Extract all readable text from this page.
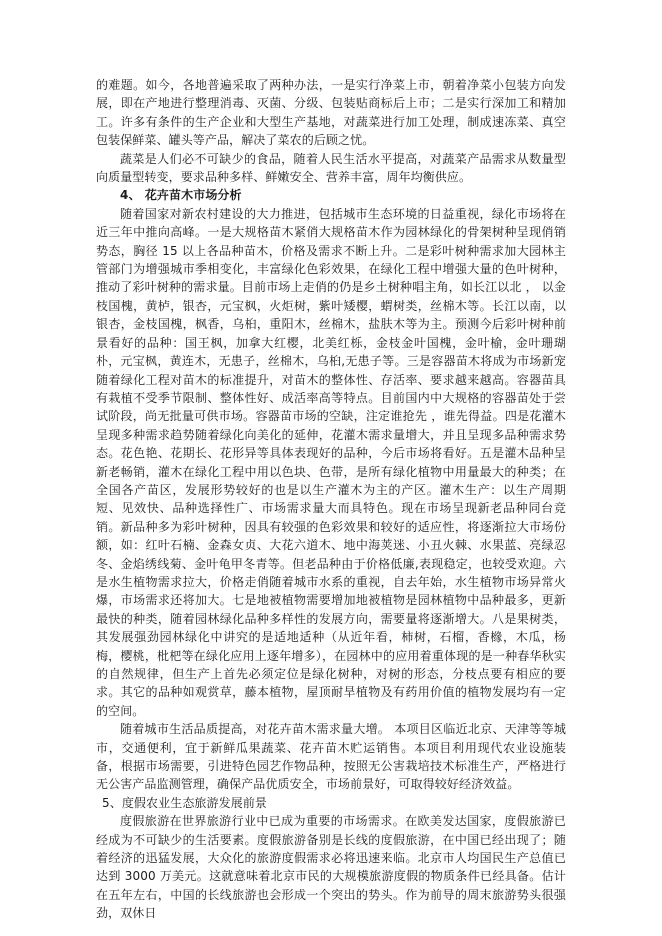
的难题。如今，各地普遍采取了两种办法，一是实行净菜上市，朝着净菜小包装方向发展，即在产地进行整理消毒、灭菌、分级、包装贴商标后上市；二是实行深加工和精加工。许多有条件的生产企业和大型生产基地，对蔬菜进行加工处理，制成速冻菜、真空包装保鲜菜、罐头等产品，解决了菜农的后顾之忧。

蔬菜是人们必不可缺少的食品，随着人民生活水平提高，对蔬菜产品需求从数量型向质量型转变，要求品种多样、鲜嫩安全、营养丰富，周年均衡供应。

4、 花卉苗木市场分析

随着国家对新农村建设的大力推进，包括城市生态环境的日益重视，绿化市场将在近三年中推向高峰。一是大规格苗木紧俏大规格苗木作为园林绿化的骨架树种呈现俏销势态，胸径 15 以上各品种苗木，价格及需求不断上升。二是彩叶树种需求加大园林主管部门为增强城市季相变化，丰富绿化色彩效果，在绿化工程中增强大量的色叶树种，推动了彩叶树种的需求量。目前市场上走俏的仍是乡土树种唱主角，如长江以北 ， 以金枝国槐，黄栌，银杏，元宝枫，火炬树，紫叶矮樱，蝟树类，丝棉木等。长江以南，以银杏，金枝国槐，枫香，乌桕，重阳木，丝棉木，盐肤木等为主。预测今后彩叶树种前景看好的品种：国王枫，加拿大红樱，北美红栎，金枝金叶国槐，金叶榆，金叶珊瑚朴，元宝枫，黄连木，无患子，丝棉木，乌桕,无患子等。三是容器苗木将成为市场新宠随着绿化工程对苗木的标准提升，对苗木的整体性、存活率、要求越来越高。容器苗具有栽植不受季节限制、整体性好、成活率高等特点。目前国内中大规格的容器苗处于尝试阶段，尚无批量可供市场。容器苗市场的空缺，注定谁抢先 ，谁先得益。四是花灌木呈现多种需求趋势随着绿化向美化的延伸，花灌木需求量增大，并且呈现多品种需求势态。花色艳、花期长、花形异等具体表现好的品种，今后市场将看好。五是灌木品种呈新老畅销，灌木在绿化工程中用以色块、色带，是所有绿化植物中用量最大的种类；在全国各产苗区，发展形势较好的也是以生产灌木为主的产区。灌木生产：以生产周期短、见效快、品种选择性广、市场需求量大而具特色。现在市场呈现新老品种同台竞销。新品种多为彩叶树种，因具有较强的色彩效果和较好的适应性，将逐渐拉大市场份额，如：红叶石楠、金森女贞、大花六道木、地中海荚迷、小丑火棘、水果蓝、亮绿忍冬、金焰绣线菊、金叶龟甲冬青等。但老品种由于价格低廉,表现稳定，也较受欢迎。六是水生植物需求拉大，价格走俏随着城市水系的重视，自去年始，水生植物市场异常火爆，市场需求还将加大。七是地被植物需要增加地被植物是园林植物中品种最多，更新最快的种类，随着园林绿化品种多样性的发展方向，需要量将逐渐增大。八是果树类，其发展强劲园林绿化中讲究的是适地适种（从近年看，柿树，石榴，香橼，木瓜，杨梅，樱桃，枇杷等在绿化应用上逐年增多），在园林中的应用着重体现的是一种春华秋实的自然规律，但生产上首先必须定位是绿化树种，对树的形态，分枝点要有相应的要求。其它的品种如观赏草，藤本植物，屋顶耐旱植物及有药用价值的植物发展均有一定的空间。

随着城市生活品质提高，对花卉苗木需求量大增。 本项目区临近北京、天津等等城市，交通便利，宜于新鲜瓜果蔬菜、花卉苗木贮运销售。本项目利用现代农业设施装备，根据市场需要，引进特色园艺作物品种，按照无公害栽培技术标准生产，严格进行无公害产品监测管理，确保产品优质安全，市场前景好，可取得较好经济效益。

5、度假农业生态旅游发展前景

度假旅游在世界旅游行业中已成为重要的市场需求。在欧美发达国家，度假旅游已经成为不可缺少的生活要素。度假旅游备别是长线的度假旅游，在中国已经出现了；随着经济的迅猛发展，大众化的旅游度假需求必将迅速来临。北京市人均国民生产总值已达到 3000 万美元。这就意味着北京市民的大规模旅游度假的物质条件已经具备。估计在五年左右，中国的长线旅游也会形成一个突出的势头。作为前导的周末旅游势头很强劲，双休日
